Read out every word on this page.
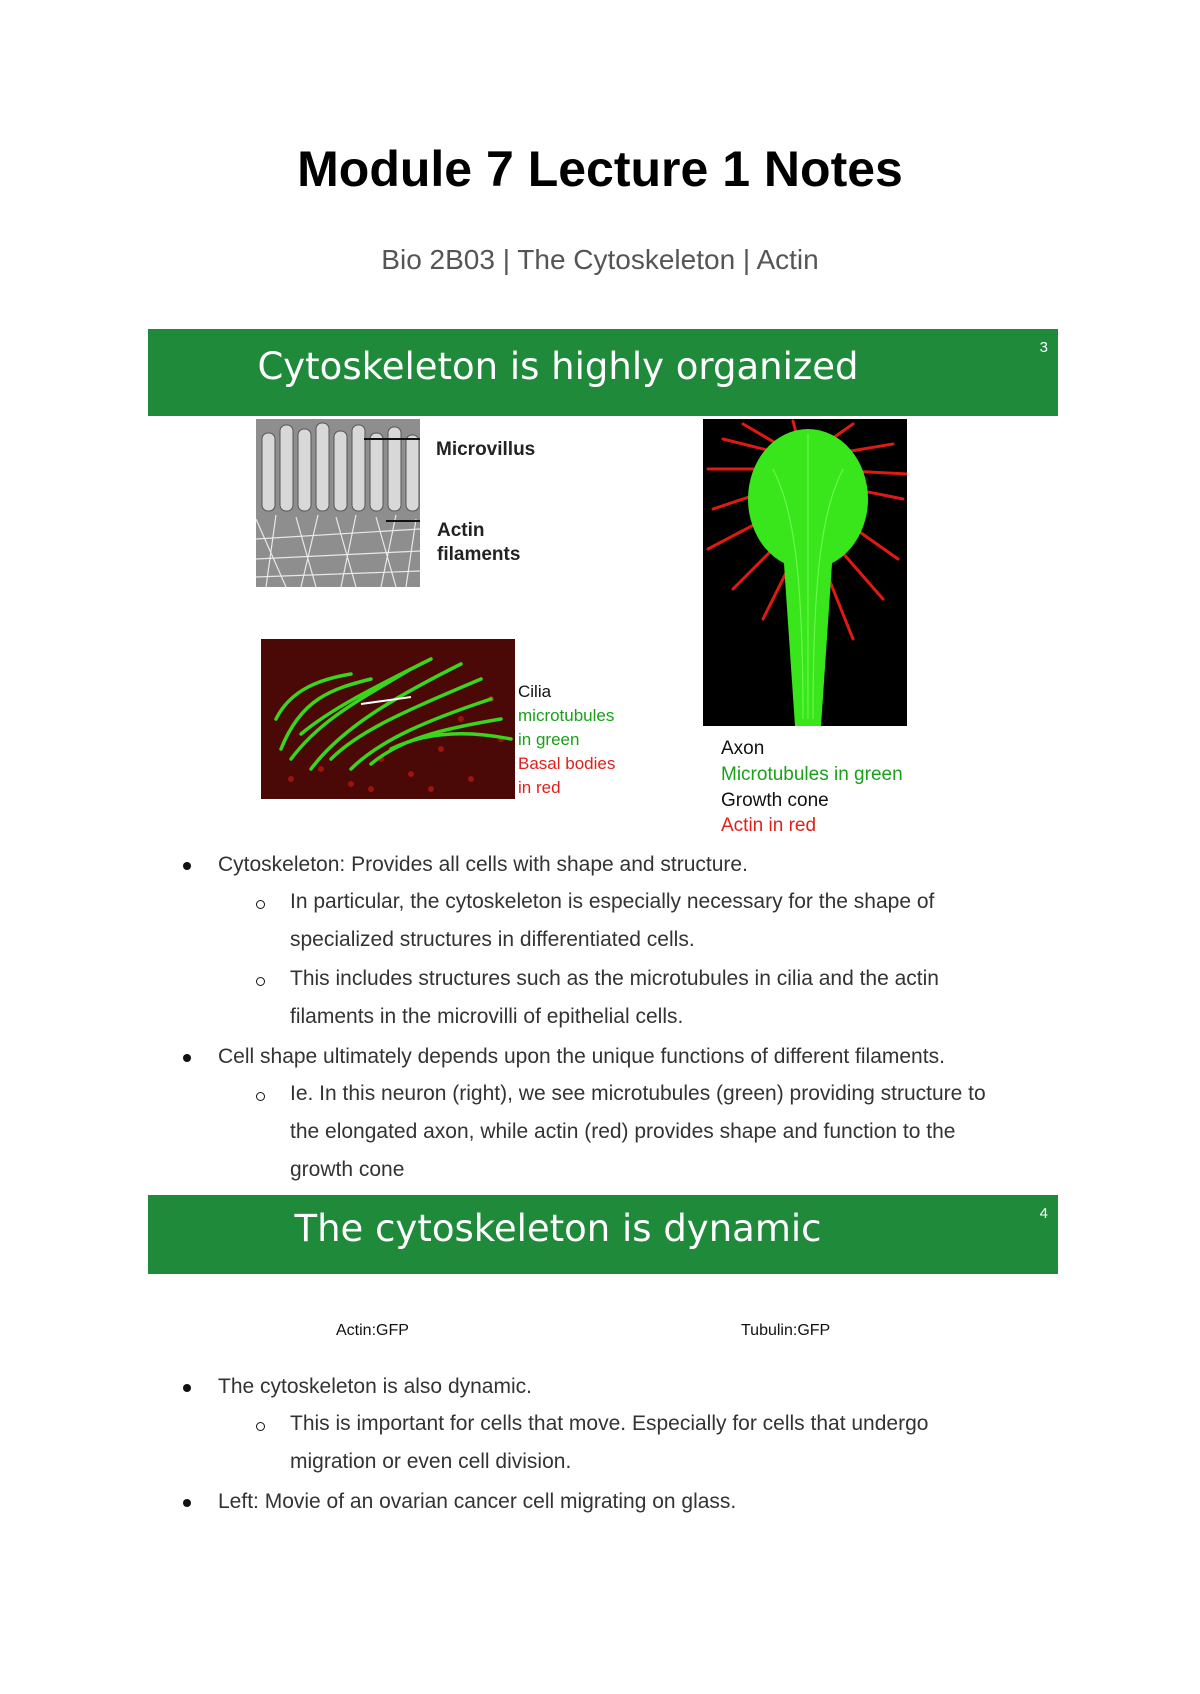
Module 7 Lecture 1 Notes
Bio 2B03 | The Cytoskeleton | Actin
Cytoskeleton is highly organized	3
Microvillus
Actin
filaments
Cilia
microtubules
in green
Basal bodies
in red
Axon
Microtubules in green
Growth cone
Actin in red
Cytoskeleton: Provides all cells with shape and structure.
In particular, the cytoskeleton is especially necessary for the shape of
specialized structures in differentiated cells.
This includes structures such as the microtubules in cilia and the actin
filaments in the microvilli of epithelial cells.
Cell shape ultimately depends upon the unique functions of different filaments.
Ie. In this neuron (right), we see microtubules (green) providing structure to
the elongated axon, while actin (red) provides shape and function to the
growth cone
The cytoskeleton is dynamic	4
Actin:GFP	Tubulin:GFP
The cytoskeleton is also dynamic.
This is important for cells that move. Especially for cells that undergo
migration or even cell division.
Left: Movie of an ovarian cancer cell migrating on glass.
